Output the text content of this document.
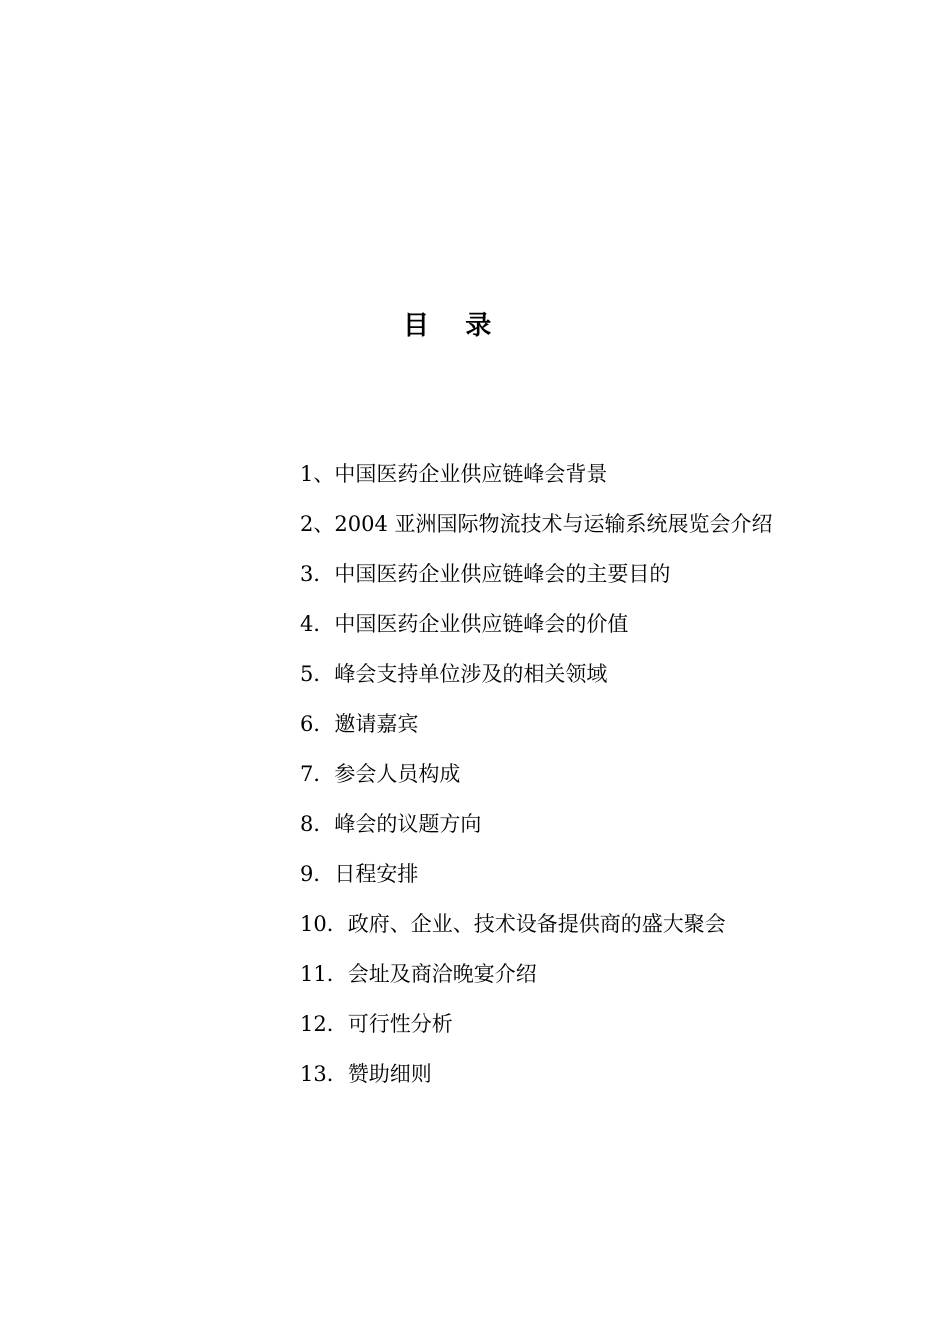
目    录
1、中国医药企业供应链峰会背景
2、2004 亚洲国际物流技术与运输系统展览会介绍
3．中国医药企业供应链峰会的主要目的
4．中国医药企业供应链峰会的价值
5．峰会支持单位涉及的相关领域
6．邀请嘉宾
7．参会人员构成
8．峰会的议题方向
9．日程安排
10．政府、企业、技术设备提供商的盛大聚会
11．会址及商洽晚宴介绍
12．可行性分析
13．赞助细则
